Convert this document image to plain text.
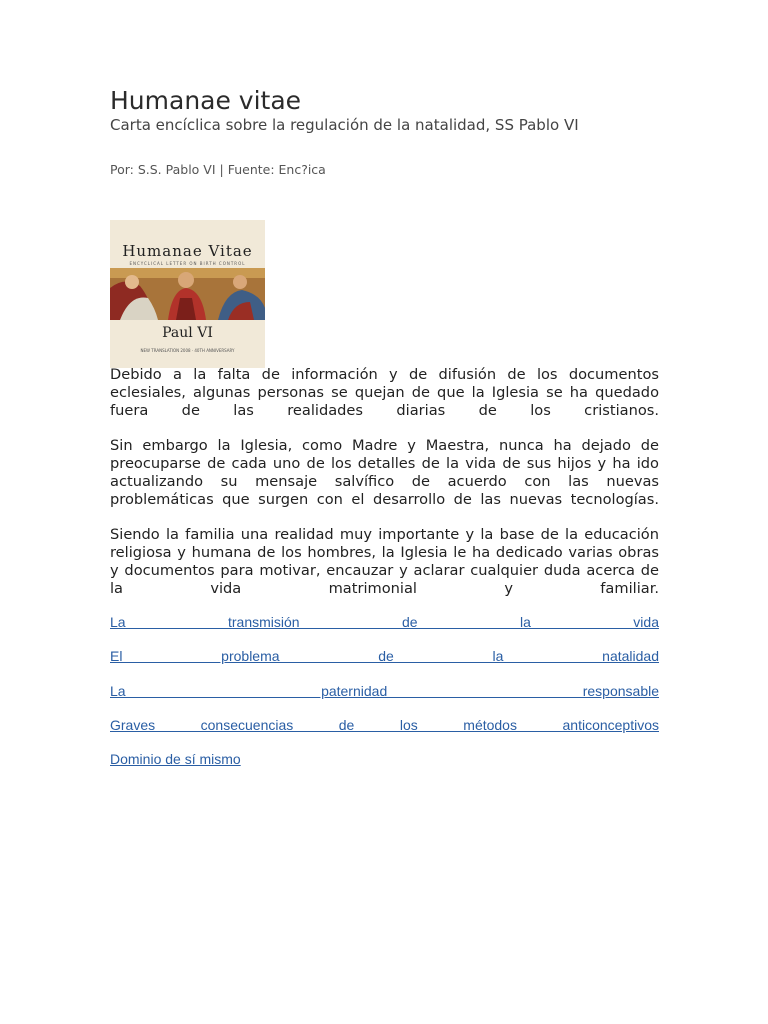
Humanae vitae
Carta encíclica sobre la regulación de la natalidad, SS Pablo VI
Por: S.S. Pablo VI | Fuente: Enc?ica
Humanae Vitae
ENCYCLICAL LETTER ON BIRTH CONTROL
Paul VI
NEW TRANSLATION 2008 · 40TH ANNIVERSARY

Debido a la falta de información y de difusión de los documentos eclesiales, algunas personas se quejan de que la Iglesia se ha quedado fuera de las realidades diarias de los cristianos.

Sin embargo la Iglesia, como Madre y Maestra, nunca ha dejado de preocuparse de cada uno de los detalles de la vida de sus hijos y ha ido actualizando su mensaje salvífico de acuerdo con las nuevas problemáticas que surgen con el desarrollo de las nuevas tecnologías.

Siendo la familia una realidad muy importante y la base de la educación religiosa y humana de los hombres, la Iglesia le ha dedicado varias obras y documentos para motivar, encauzar y aclarar cualquier duda acerca de la vida matrimonial y familiar.

La transmisión de la vida
El problema de la natalidad
La paternidad responsable
Graves consecuencias de los métodos anticonceptivos
Dominio de sí mismo
